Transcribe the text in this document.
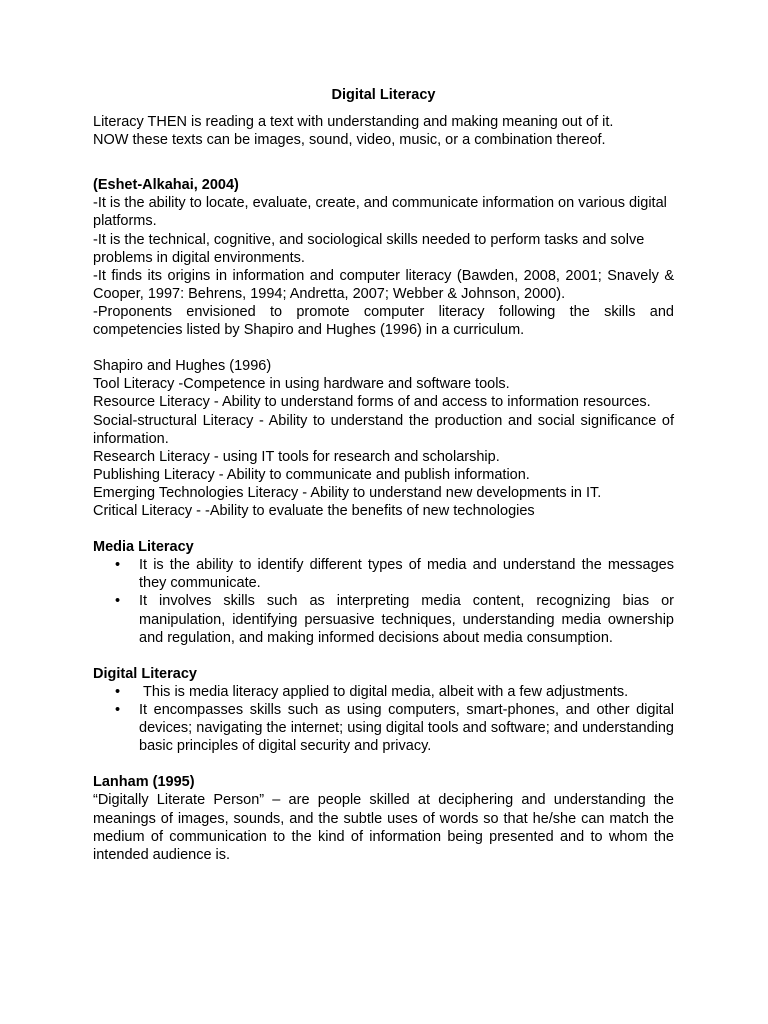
Digital Literacy

Literacy THEN is reading a text with understanding and making meaning out of it.

NOW these texts can be images, sound, video, music, or a combination thereof.

(Eshet-Alkahai, 2004)

-It is the ability to locate, evaluate, create, and communicate information on various digital platforms.

-It is the technical, cognitive, and sociological skills needed to perform tasks and solve problems in digital environments.

-It finds its origins in information and computer literacy (Bawden, 2008, 2001; Snavely & Cooper, 1997: Behrens, 1994; Andretta, 2007; Webber & Johnson, 2000).

-Proponents envisioned to promote computer literacy following the skills and competencies listed by Shapiro and Hughes (1996) in a curriculum.

Shapiro and Hughes (1996)

Tool Literacy -Competence in using hardware and software tools.

Resource Literacy - Ability to understand forms of and access to information resources.

Social-structural Literacy - Ability to understand the production and social significance of information.

Research Literacy - using IT tools for research and scholarship.

Publishing Literacy - Ability to communicate and publish information.

Emerging Technologies Literacy - Ability to understand new developments in IT.

Critical Literacy - -Ability to evaluate the benefits of new technologies

Media Literacy

• It is the ability to identify different types of media and understand the messages they communicate.
• It involves skills such as interpreting media content, recognizing bias or manipulation, identifying persuasive techniques, understanding media ownership and regulation, and making informed decisions about media consumption.

Digital Literacy

• This is media literacy applied to digital media, albeit with a few adjustments.
• It encompasses skills such as using computers, smart-phones, and other digital devices; navigating the internet; using digital tools and software; and understanding basic principles of digital security and privacy.

Lanham (1995)

“Digitally Literate Person” – are people skilled at deciphering and understanding the meanings of images, sounds, and the subtle uses of words so that he/she can match the medium of communication to the kind of information being presented and to whom the intended audience is.
